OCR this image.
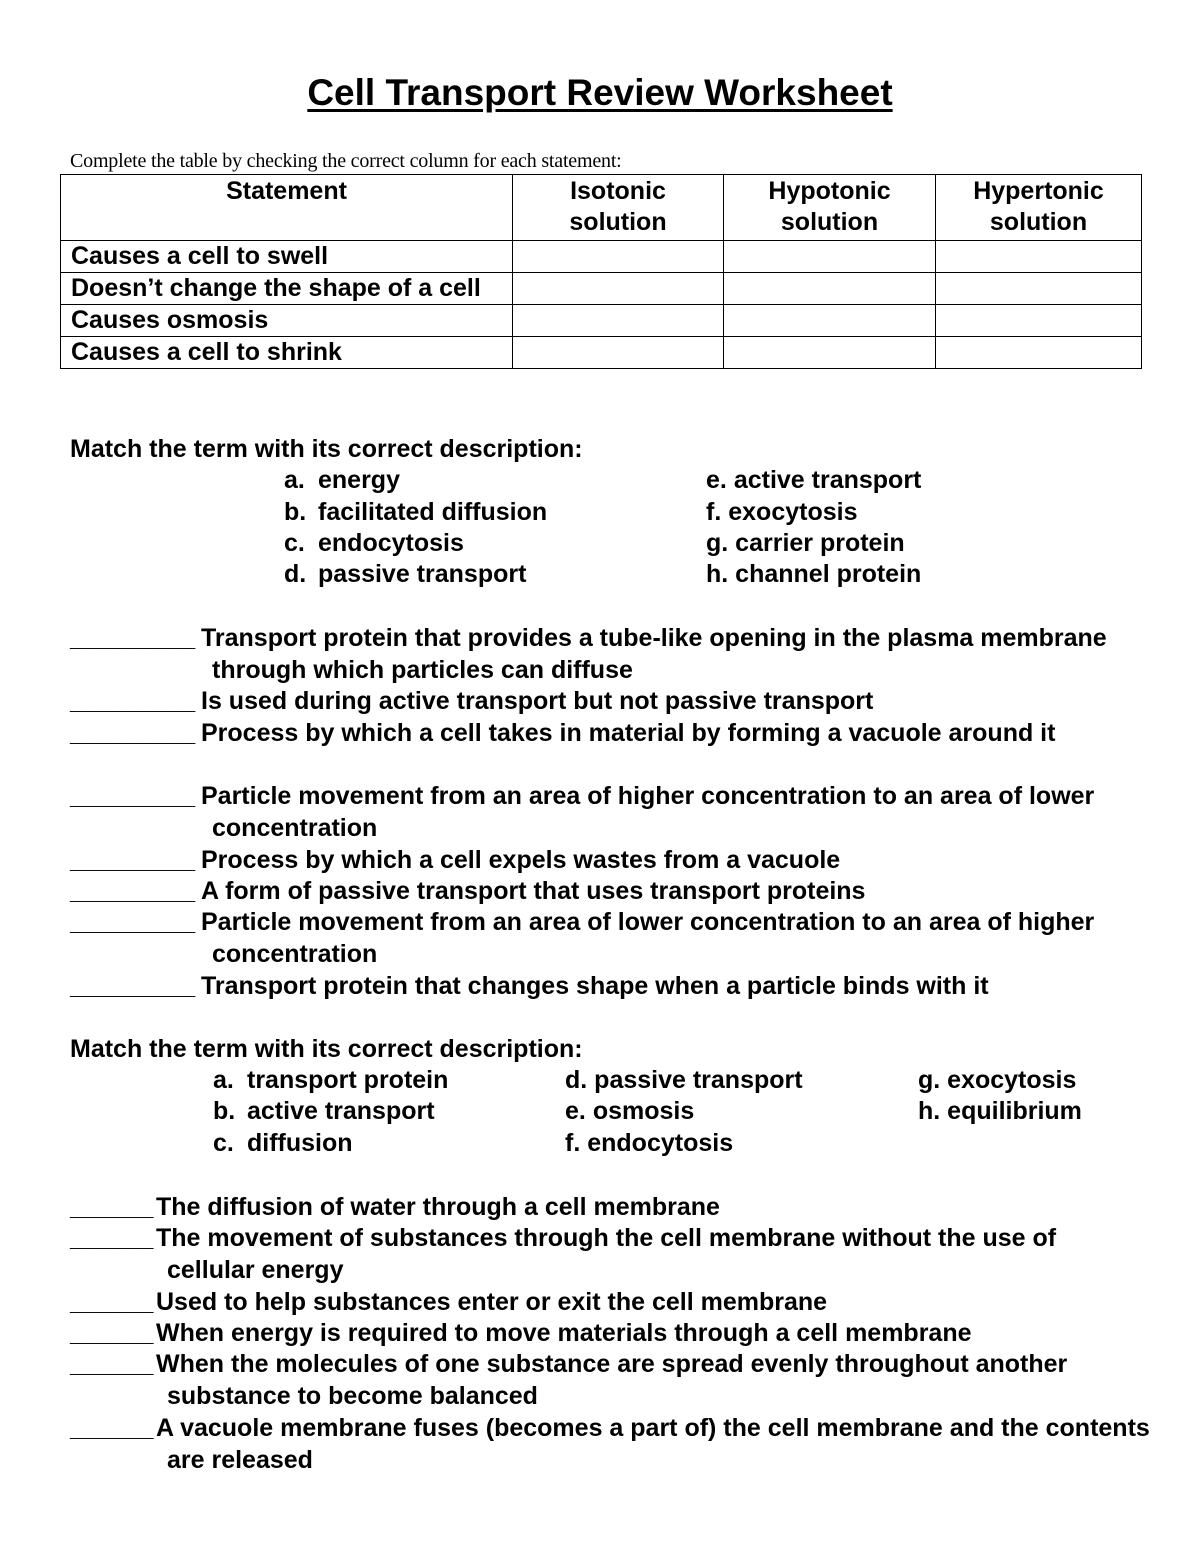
Cell Transport Review Worksheet
Complete the table by checking the correct column for each statement:
Statement	Isotonic solution	Hypotonic solution	Hypertonic solution
Causes a cell to swell			
Doesn’t change the shape of a cell			
Causes osmosis			
Causes a cell to shrink			
Match the term with its correct description:
a. energy
b. facilitated diffusion
c. endocytosis
d. passive transport
e. active transport
f. exocytosis
g. carrier protein
h. channel protein
_________ Transport protein that provides a tube-like opening in the plasma membrane through which particles can diffuse
_________ Is used during active transport but not passive transport
_________ Process by which a cell takes in material by forming a vacuole around it
_________ Particle movement from an area of higher concentration to an area of lower concentration
_________ Process by which a cell expels wastes from a vacuole
_________ A form of passive transport that uses transport proteins
_________ Particle movement from an area of lower concentration to an area of higher concentration
_________ Transport protein that changes shape when a particle binds with it
Match the term with its correct description:
a. transport protein
b. active transport
c. diffusion
d. passive transport
e. osmosis
f. endocytosis
g. exocytosis
h. equilibrium
______ The diffusion of water through a cell membrane
______ The movement of substances through the cell membrane without the use of cellular energy
______ Used to help substances enter or exit the cell membrane
______ When energy is required to move materials through a cell membrane
______ When the molecules of one substance are spread evenly throughout another substance to become balanced
______ A vacuole membrane fuses (becomes a part of) the cell membrane and the contents are released
